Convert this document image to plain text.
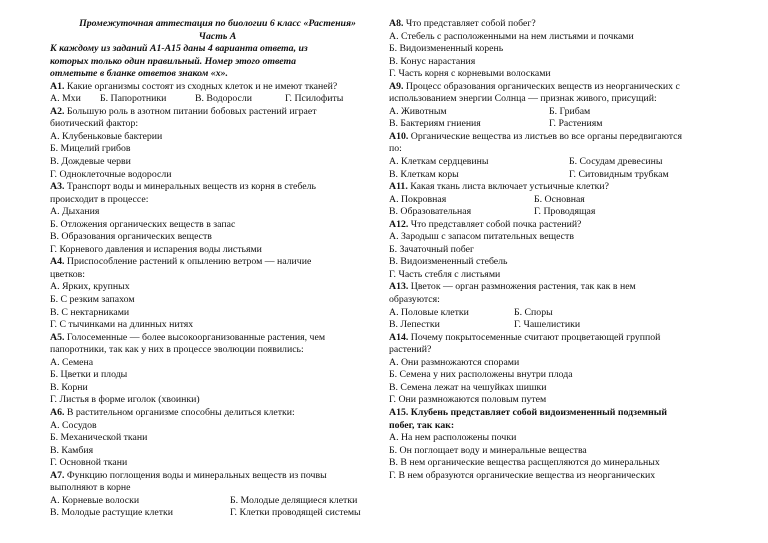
Промежуточная аттестация по биологии 6 класс «Растения»
Часть А
К каждому из заданий А1-А15 даны 4 варианта ответа, из
которых только один правильный. Номер этого ответа
отметьте в бланке ответов знаком «х».
А1. Какие организмы состоят из сходных клеток и не имеют тканей?
А. Мхи Б. Папоротники	В. Водоросли	Г. Псилофиты
А2. Большую роль в азотном питании бобовых растений играет
биотический фактор:
А. Клубеньковые бактерии
Б. Мицелий грибов
В. Дождевые черви
Г. Одноклеточные водоросли
А3. Транспорт воды и минеральных веществ из корня в стебель
происходит в процессе:
А. Дыхания
Б. Отложения органических веществ в запас
В. Образования органических веществ
Г. Корневого давления и испарения воды листьями
А4. Приспособление растений к опылению ветром — наличие
цветков:
А. Ярких, крупных
Б. С резким запахом
В. С нектарниками
Г. С тычинками на длинных нитях
А5. Голосеменные — более высокоорганизованные растения, чем
папоротники, так как у них в процессе эволюции появились:
А. Семена
Б. Цветки и плоды
В. Корни
Г. Листья в форме иголок (хвоинки)
А6. В растительном организме способны делиться клетки:
А. Сосудов
Б. Механической ткани
В. Камбия
Г. Основной ткани
А7. Функцию поглощения воды и минеральных веществ из почвы
выполняют в корне
А. Корневые волоски	Б. Молодые делящиеся клетки
В. Молодые растущие клетки	Г. Клетки проводящей системы
А8. Что представляет собой побег?
А. Стебель с расположенными на нем листьями и почками
Б. Видоизмененный корень
В. Конус нарастания
Г. Часть корня с корневыми волосками
А9. Процесс образования органических веществ из неорганических с
использованием энергии Солнца — признак живого, присущий:
А. Животным	Б. Грибам
В. Бактериям гниения	Г. Растениям
А10. Органические вещества из листьев во все органы передвигаются
по:
А. Клеткам сердцевины	Б. Сосудам древесины
В. Клеткам коры	Г. Ситовидным трубкам
А11. Какая ткань листа включает устьичные клетки?
А. Покровная	Б. Основная
В. Образовательная	Г. Проводящая
А12. Что представляет собой почка растений?
А. Зародыш с запасом питательных веществ
Б. Зачаточный побег
В. Видоизмененный стебель
Г. Часть стебля с листьями
А13. Цветок — орган размножения растения, так как в нем
образуются:
А. Половые клетки	Б. Споры
В. Лепестки	Г. Чашелистики
А14. Почему покрытосеменные считают процветающей группой
растений?
А. Они размножаются спорами
Б. Семена у них расположены внутри плода
В. Семена лежат на чешуйках шишки
Г. Они размножаются половым путем
А15. Клубень представляет собой видоизмененный подземный
побег, так как:
А. На нем расположены почки
Б. Он поглощает воду и минеральные вещества
В. В нем органические вещества расщепляются до минеральных
Г. В нем образуются органические вещества из неорганических
